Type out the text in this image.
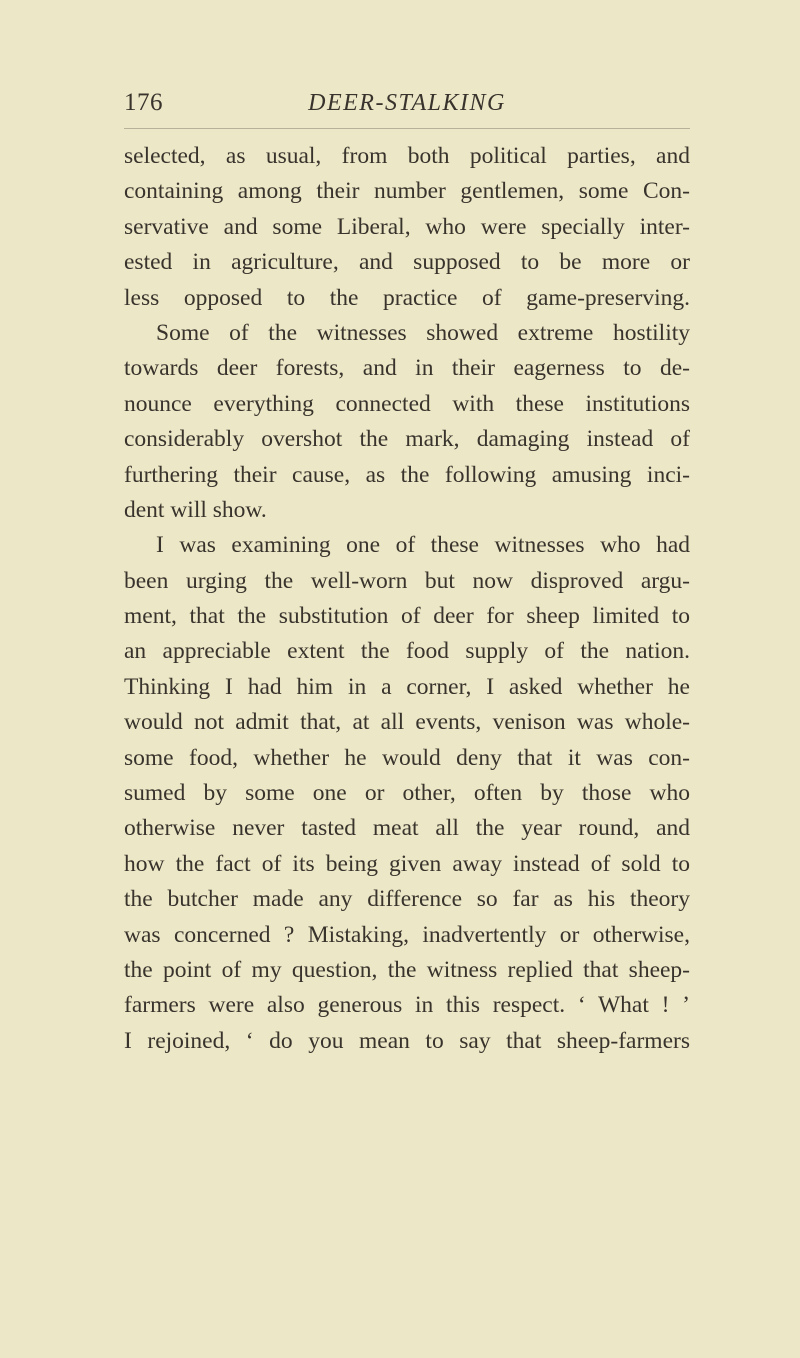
176	DEER-STALKING
selected, as usual, from both political parties, and
containing among their number gentlemen, some Con-
servative and some Liberal, who were specially inter-
ested in agriculture, and supposed to be more or
less opposed to the practice of game-preserving.
Some of the witnesses showed extreme hostility
towards deer forests, and in their eagerness to de-
nounce everything connected with these institutions
considerably overshot the mark, damaging instead of
furthering their cause, as the following amusing inci-
dent will show.
I was examining one of these witnesses who had
been urging the well-worn but now disproved argu-
ment, that the substitution of deer for sheep limited to
an appreciable extent the food supply of the nation.
Thinking I had him in a corner, I asked whether he
would not admit that, at all events, venison was whole-
some food, whether he would deny that it was con-
sumed by some one or other, often by those who
otherwise never tasted meat all the year round, and
how the fact of its being given away instead of sold to
the butcher made any difference so far as his theory
was concerned ? Mistaking, inadvertently or otherwise,
the point of my question, the witness replied that sheep-
farmers were also generous in this respect. ‘ What ! ’
I rejoined, ‘ do you mean to say that sheep-farmers
